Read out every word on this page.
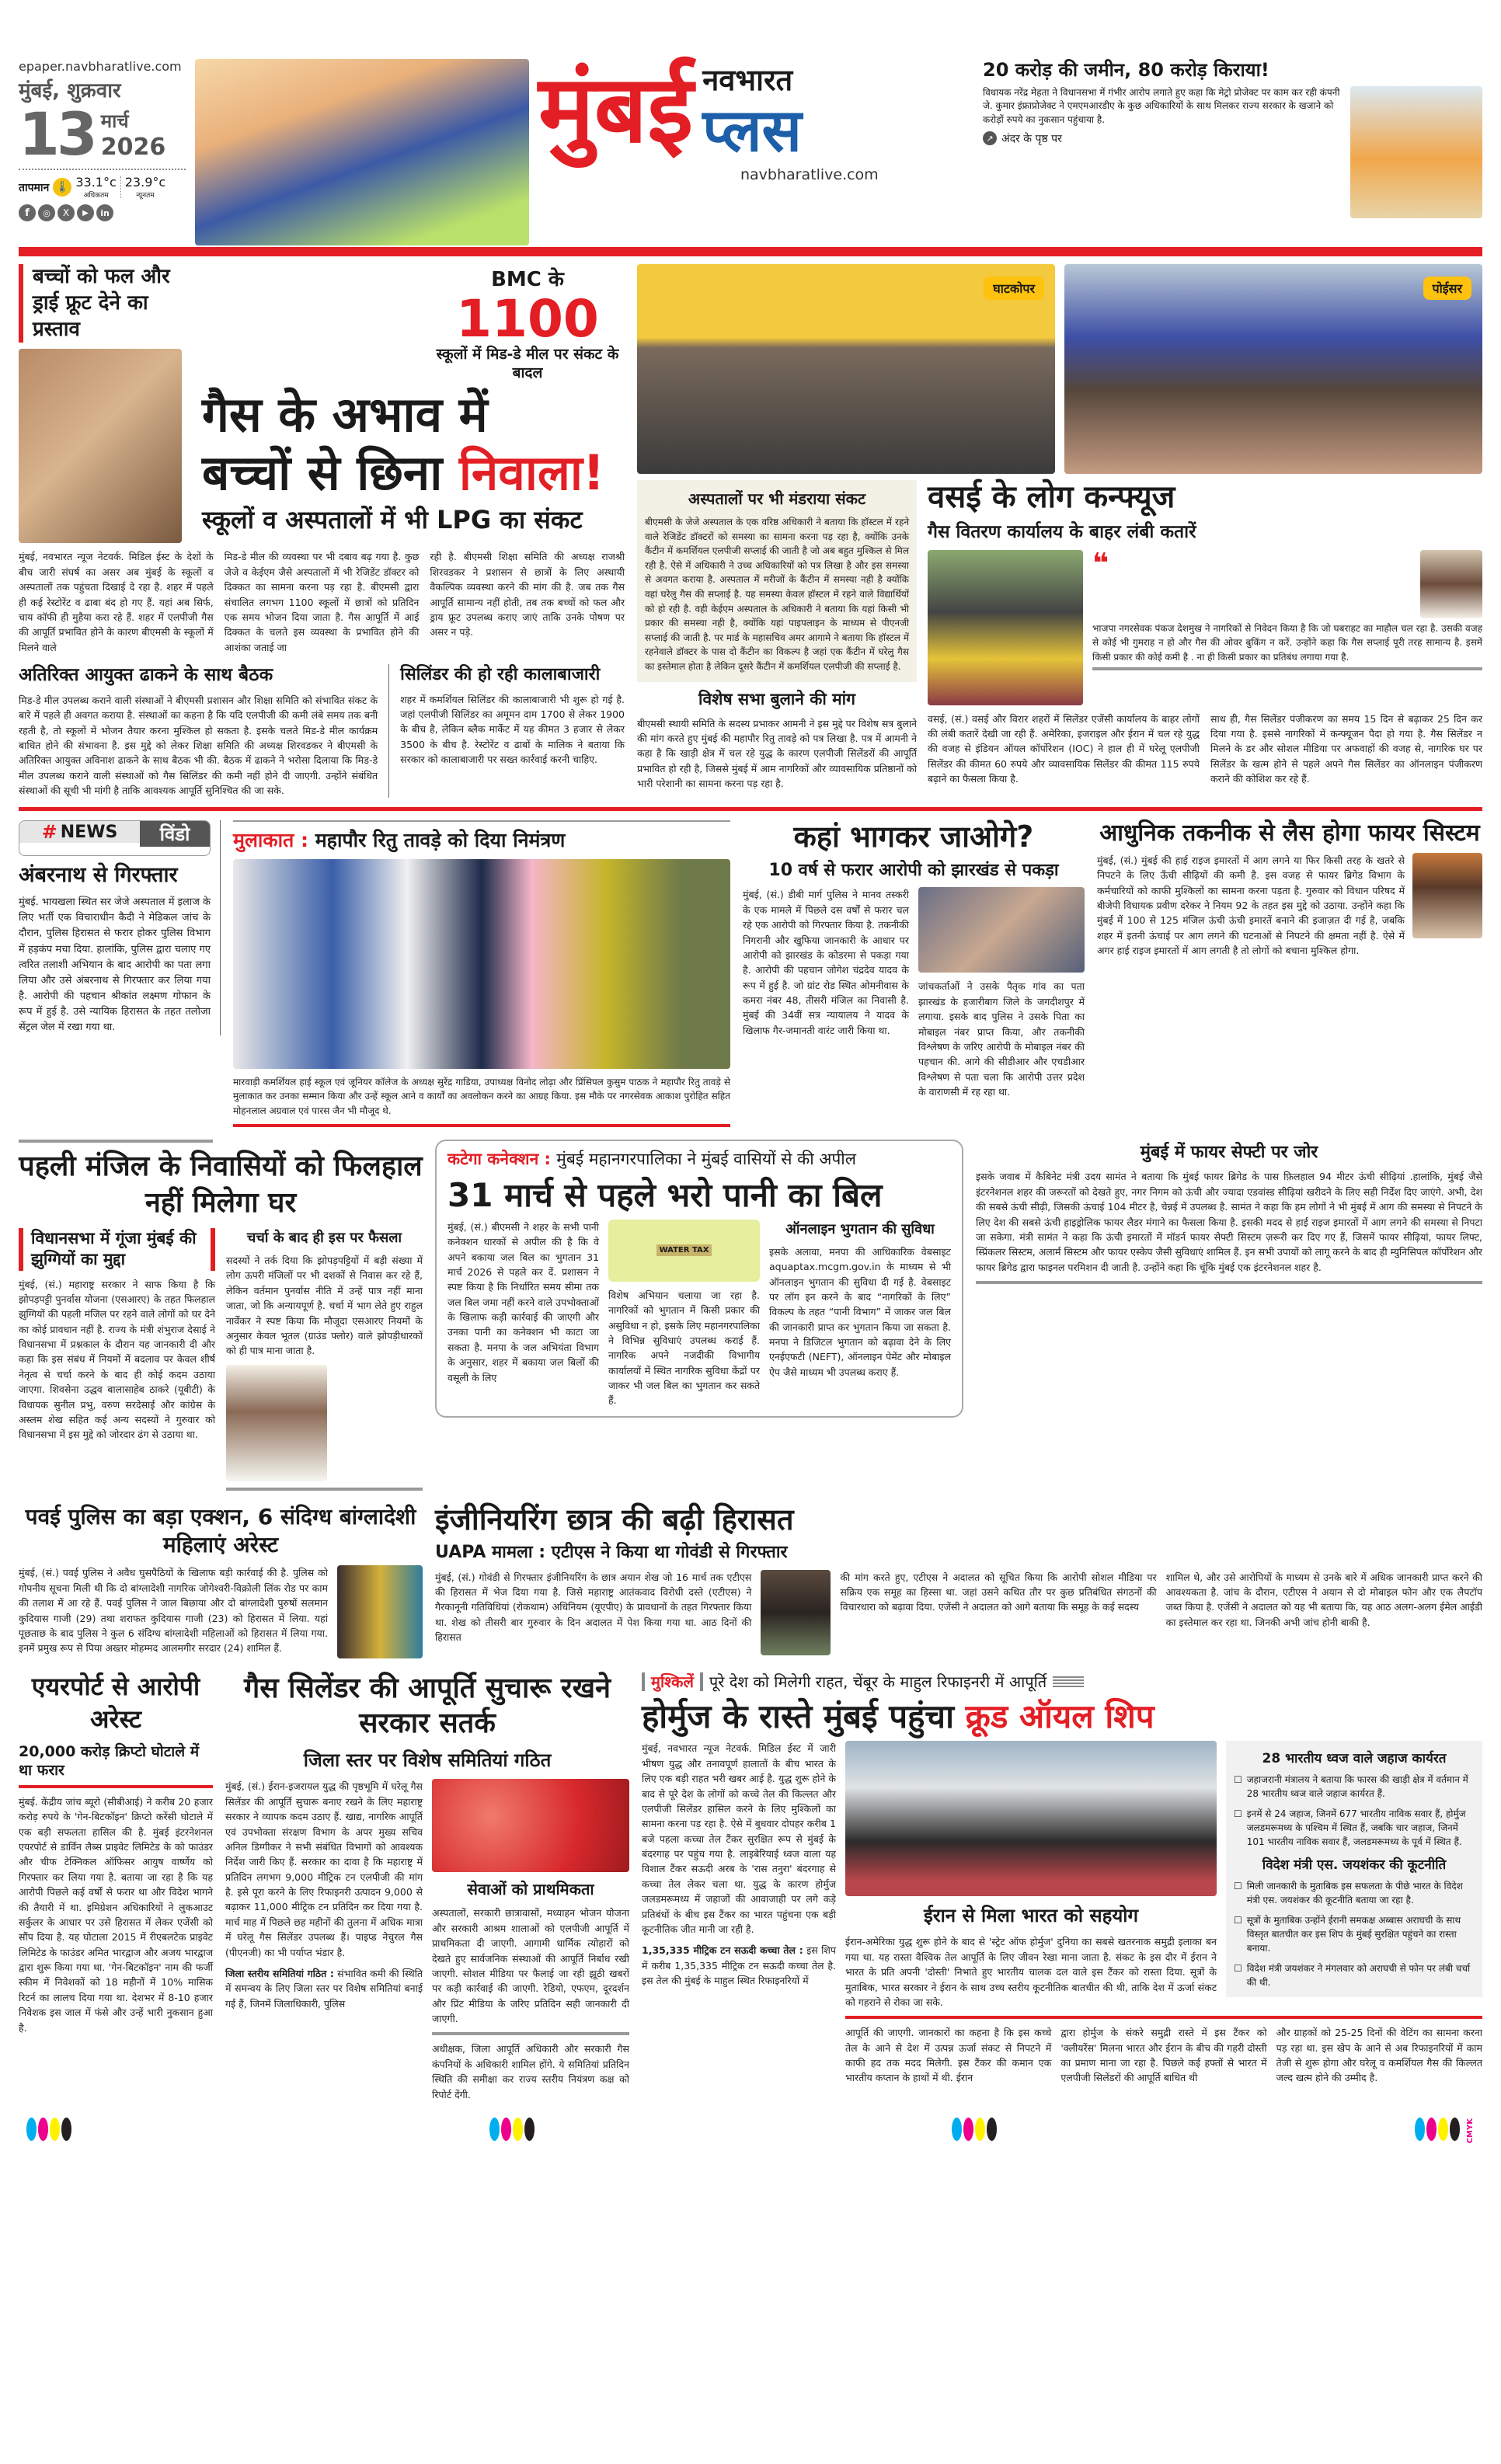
epaper.navbharatlive.com
मुंबई, शुक्रवार
13 मार्च
2026
तापमान 🌡 33.1°c
अधिकतम
23.9°c
न्यूनतम
f	◎	X	▶	in
मुंबई नवभारत
प्लस
navbharatlive.com
20 करोड़ की जमीन, 80 करोड़ किराया!
विधायक नरेंद्र मेहता ने विधानसभा में गंभीर आरोप लगाते हुए कहा कि मेट्रो प्रोजेक्ट पर काम कर रही कंपनी जे. कुमार इंफ्राप्रोजेक्ट ने एमएमआरडीए के कुछ अधिकारियों के साथ मिलकर राज्य सरकार के खजाने को करोड़ों रुपये का नुकसान पहुंचाया है.
↗ अंदर के पृष्ठ पर
बच्चों को फल और ड्राई फ्रूट देने का प्रस्ताव
BMC के
1100
स्कूलों में मिड-डे मील पर संकट के बादल
गैस के अभाव में
बच्चों से छिना निवाला!
स्कूलों व अस्पतालों में भी LPG का संकट
मुंबई, नवभारत न्यूज नेटवर्क. मिडिल ईस्ट के देशों के बीच जारी संघर्ष का असर अब मुंबई के स्कूलों व अस्पतालों तक पहुंचता दिखाई दे रहा है. शहर में पहले ही कई रेस्टोरेंट व ढाबा बंद हो गए हैं. यहां अब सिर्फ, चाय कॉफी ही मुहैया करा रहे हैं. शहर में एलपीजी गैस की आपूर्ति प्रभावित होने के कारण बीएमसी के स्कूलों में मिलने वाले
मिड-डे मील की व्यवस्था पर भी दबाव बढ़ गया है. कुछ जेजे व केईएम जैसे अस्पतालों में भी रेजिडेंट डॉक्टर को दिक्कत का सामना करना पड़ रहा है. बीएमसी द्वारा संचालित लगभग 1100 स्कूलों में छात्रों को प्रतिदिन एक समय भोजन दिया जाता है. गैस आपूर्ति में आई दिक्कत के चलते इस व्यवस्था के प्रभावित होने की आशंका जताई जा
रही है. बीएमसी शिक्षा समिति की अध्यक्ष राजश्री शिरवडकर ने प्रशासन से छात्रों के लिए अस्थायी वैकल्पिक व्यवस्था करने की मांग की है. जब तक गैस आपूर्ति सामान्य नहीं होती, तब तक बच्चों को फल और ड्राय फ्रूट उपलब्ध कराए जाएं ताकि उनके पोषण पर असर न पड़े.
अतिरिक्त आयुक्त ढाकने के साथ बैठक
मिड-डे मील उपलब्ध कराने वाली संस्थाओं ने बीएमसी प्रशासन और शिक्षा समिति को संभावित संकट के बारे में पहले ही अवगत कराया है. संस्थाओं का कहना है कि यदि एलपीजी की कमी लंबे समय तक बनी रहती है, तो स्कूलों में भोजन तैयार करना मुश्किल हो सकता है. इसके चलते मिड-डे मील कार्यक्रम बाधित होने की संभावना है. इस मुद्दे को लेकर शिक्षा समिति की अध्यक्ष शिरवडकर ने बीएमसी के अतिरिक्त आयुक्त अविनाश ढाकने के साथ बैठक भी की. बैठक में ढाकने ने भरोसा दिलाया कि मिड-डे मील उपलब्ध कराने वाली संस्थाओं को गैस सिलिंडर की कमी नहीं होने दी जाएगी. उन्होंने संबंधित संस्थाओं की सूची भी मांगी है ताकि आवश्यक आपूर्ति सुनिश्चित की जा सके.
सिलिंडर की हो रही कालाबाजारी
शहर में कमर्शियल सिलिंडर की कालाबाजारी भी शुरू हो गई है. जहां एलपीजी सिलिंडर का अमूमन दाम 1700 से लेकर 1900 के बीच है, लेकिन ब्लैक मार्केट में यह कीमत 3 हजार से लेकर 3500 के बीच है. रेस्टोरेंट व ढाबों के मालिक ने बताया कि सरकार को कालाबाजारी पर सख्त कार्रवाई करनी चाहिए.
घाटकोपर	पोईसर
अस्पतालों पर भी मंडराया संकट
बीएमसी के जेजे अस्पताल के एक वरिष्ठ अधिकारी ने बताया कि हॉस्टल में रहने वाले रेजिडेंट डॉक्टरों को समस्या का सामना करना पड़ रहा है, क्योंकि उनके कैंटीन में कमर्शियल एलपीजी सप्लाई की जाती है जो अब बहुत मुश्किल से मिल रही है. ऐसे में अधिकारी ने उच्च अधिकारियों को पत्र लिखा है और इस समस्या से अवगत कराया है. अस्पताल में मरीजों के कैंटीन में समस्या नही है क्योंकि वहां घरेलु गैस की सप्लाई है. यह समस्या केवल हॉस्टल में रहने वाले विद्यार्थियों को हो रही है. वही केईएम अस्पताल के अधिकारी ने बताया कि यहां किसी भी प्रकार की समस्या नही है, क्योंकि यहां पाइपलाइन के माध्यम से पीएनजी सप्लाई की जाती है. पर मार्ड के महासचिव अमर आगामे ने बताया कि हॉस्टल में रहनेवाले डॉक्टर के पास दो कैंटीन का विकल्प है जहां एक कैंटीन में घरेलु गैस का इस्तेमाल होता है लेकिन दूसरे कैंटीन में कमर्शियल एलपीजी की सप्लाई है.
विशेष सभा बुलाने की मांग
बीएमसी स्थायी समिति के सदस्य प्रभाकर आमनी ने इस मुद्दे पर विशेष सत्र बुलाने की मांग करते हुए मुंबई की महापौर रितु तावड़े को पत्र लिखा है. पत्र में आमनी ने कहा है कि खाड़ी क्षेत्र में चल रहे युद्ध के कारण एलपीजी सिलेंडरों की आपूर्ति प्रभावित हो रही है, जिससे मुंबई में आम नागरिकों और व्यावसायिक प्रतिष्ठानों को भारी परेशानी का सामना करना पड़ रहा है.
वसई के लोग कन्फ्यूज
गैस वितरण कार्यालय के बाहर लंबी कतारें
❝
भाजपा नगरसेवक पंकज देशमुख ने नागरिकों से निवेदन किया है कि जो घबराहट का माहौल चल रहा है. उसकी वजह से कोई भी गुमराह न हो और गैस की ओवर बुकिंग न करें. उन्होंने कहा कि गैस सप्लाई पूरी तरह सामान्य है. इसमें किसी प्रकार की कोई कमी है . ना ही किसी प्रकार का प्रतिबंध लगाया गया है.
वसई, (सं.) वसई और विरार शहरों में सिलेंडर एजेंसी कार्यालय के बाहर लोगों की लंबी कतारें देखी जा रही हैं. अमेरिका, इजराइल और ईरान में चल रहे युद्ध की वजह से इंडियन ऑयल कॉर्पोरेशन (IOC) ने हाल ही में घरेलू एलपीजी सिलेंडर की कीमत 60 रुपये और व्यावसायिक सिलेंडर की कीमत 115 रुपये बढ़ाने का फैसला किया है.
साथ ही, गैस सिलेंडर पंजीकरण का समय 15 दिन से बढ़ाकर 25 दिन कर दिया गया है. इससे नागरिकों में कन्फ्यूजन पैदा हो गया है. गैस सिलेंडर न मिलने के डर और सोशल मीडिया पर अफवाहों की वजह से, नागरिक घर पर सिलेंडर के खत्म होने से पहले अपने गैस सिलेंडर का ऑनलाइन पंजीकरण कराने की कोशिश कर रहे हैं.
# NEWS	विंडो
अंबरनाथ से गिरफ्तार
मुंबई. भायखला स्थित सर जेजे अस्पताल में इलाज के लिए भर्ती एक विचाराधीन कैदी ने मेडिकल जांच के दौरान, पुलिस हिरासत से फरार होकर पुलिस विभाग में हड़कंप मचा दिया. हालांकि, पुलिस द्वारा चलाए गए त्वरित तलाशी अभियान के बाद आरोपी का पता लगा लिया और उसे अंबरनाथ से गिरफ्तार कर लिया गया है. आरोपी की पहचान श्रीकांत लक्ष्मण गोफान के रूप में हुई है. उसे न्यायिक हिरासत के तहत तलोजा सेंट्रल जेल में रखा गया था.
मुलाकात : महापौर रितु तावड़े को दिया निमंत्रण
मारवाड़ी कमर्शियल हाई स्कूल एवं जूनियर कॉलेज के अध्यक्ष सुरेंद्र गाडिया, उपाध्यक्ष विनोद लोढ़ा और प्रिंसिपल कुसुम पाठक ने महापौर रितु तावड़े से मुलाकात कर उनका सम्मान किया और उन्हें स्कूल आने व कार्यों का अवलोकन करने का आग्रह किया. इस मौके पर नगरसेवक आकाश पुरोहित सहित मोहनलाल अग्रवाल एवं पारस जैन भी मौजूद थे.
कहां भागकर जाओगे?
10 वर्ष से फरार आरोपी को झारखंड से पकड़ा
मुंबई, (सं.) डीबी मार्ग पुलिस ने मानव तस्करी के एक मामले में पिछले दस वर्षों से फरार चल रहे एक आरोपी को गिरफ्तार किया है. तकनीकी निगरानी और खुफिया जानकारी के आधार पर आरोपी को झारखंड के कोडरमा से पकड़ा गया है. आरोपी की पहचान जोगेश चंद्रदेव यादव के रूप में हुई है. जो ग्रांट रोड स्थित ओमनीवास के कमरा नंबर 48, तीसरी मंजिल का निवासी है. मुंबई की 34वीं सत्र न्यायालय ने यादव के खिलाफ गैर-जमानती वारंट जारी किया था.
जांचकर्ताओं ने उसके पैतृक गांव का पता झारखंड के हजारीबाग जिले के जगदीशपुर में लगाया. इसके बाद पुलिस ने उसके पिता का मोबाइल नंबर प्राप्त किया, और तकनीकी विश्लेषण के जरिए आरोपी के मोबाइल नंबर की पहचान की. आगे की सीडीआर और एचडीआर विश्लेषण से पता चला कि आरोपी उत्तर प्रदेश के वाराणसी में रह रहा था.
आधुनिक तकनीक से लैस होगा फायर सिस्टम
मुंबई, (सं.) मुंबई की हाई राइज इमारतों में आग लगने या फिर किसी तरह के खतरे से निपटने के लिए ऊँची सीढ़ियों की कमी है. इस वजह से फायर ब्रिगेड विभाग के कर्मचारियों को काफी मुश्किलों का सामना करना पड़ता है. गुरुवार को विधान परिषद में बीजेपी विधायक प्रवीण दरेकर ने नियम 92 के तहत इस मुद्दे को उठाया. उन्होंने कहा कि मुंबई में 100 से 125 मंजिल ऊंची ऊंची इमारतें बनाने की इजाज़त दी गई है, जबकि शहर में इतनी ऊंचाई पर आग लगने की घटनाओं से निपटने की क्षमता नहीं है. ऐसे में अगर हाई राइज इमारतों में आग लगती है तो लोगों को बचाना मुश्किल होगा.
पहली मंजिल के निवासियों को फिलहाल नहीं मिलेगा घर
विधानसभा में गूंजा मुंबई की झुग्गियों का मुद्दा
मुंबई, (सं.) महाराष्ट्र सरकार ने साफ किया है कि झोपड़पट्टी पुनर्वास योजना (एसआरए) के तहत फिलहाल झुग्गियों की पहली मंजिल पर रहने वाले लोगों को घर देने का कोई प्रावधान नहीं है. राज्य के मंत्री शंभुराज देसाई ने विधानसभा में प्रश्नकाल के दौरान यह जानकारी दी और कहा कि इस संबंध में नियमों में बदलाव पर केवल शीर्ष नेतृत्व से चर्चा करने के बाद ही कोई कदम उठाया जाएगा. शिवसेना उद्धव बालासाहेब ठाकरे (यूबीटी) के विधायक सुनील प्रभु, वरुण सरदेसाई और कांग्रेस के अस्लम शेख सहित कई अन्य सदस्यों ने गुरुवार को विधानसभा में इस मुद्दे को जोरदार ढंग से उठाया था.
चर्चा के बाद ही इस पर फैसला
सदस्यों ने तर्क दिया कि झोपड़पट्टियों में बड़ी संख्या में लोग ऊपरी मंजिलों पर भी दशकों से निवास कर रहे हैं, लेकिन वर्तमान पुनर्वास नीति में उन्हें पात्र नहीं माना जाता, जो कि अन्यायपूर्ण है. चर्चा में भाग लेते हुए राहुल नार्वेकर ने स्पष्ट किया कि मौजूदा एसआरए नियमों के अनुसार केवल भूतल (ग्राउंड फ्लोर) वाले झोपड़ीधारकों को ही पात्र माना जाता है.
कटेगा कनेक्शन : मुंबई महानगरपालिका ने मुंबई वासियों से की अपील
31 मार्च से पहले भरो पानी का बिल
मुंबई, (सं.) बीएमसी ने शहर के सभी पानी कनेक्शन धारकों से अपील की है कि वे अपने बकाया जल बिल का भुगतान 31 मार्च 2026 से पहले कर दें. प्रशासन ने स्पष्ट किया है कि निर्धारित समय सीमा तक जल बिल जमा नहीं करने वाले उपभोक्ताओं के खिलाफ कड़ी कार्रवाई की जाएगी और उनका पानी का कनेक्शन भी काटा जा सकता है. मनपा के जल अभियंता विभाग के अनुसार, शहर में बकाया जल बिलों की वसूली के लिए
WATER TAX
विशेष अभियान चलाया जा रहा है. नागरिकों को भुगतान में किसी प्रकार की असुविधा न हो, इसके लिए महानगरपालिका ने विभिन्न सुविधाएं उपलब्ध कराई हैं. नागरिक अपने नजदीकी विभागीय कार्यालयों में स्थित नागरिक सुविधा केंद्रों पर जाकर भी जल बिल का भुगतान कर सकते हैं.
ऑनलाइन भुगतान की सुविधा
इसके अलावा, मनपा की आधिकारिक वेबसाइट aquaptax.mcgm.gov.in के माध्यम से भी ऑनलाइन भुगतान की सुविधा दी गई है. वेबसाइट पर लॉग इन करने के बाद “नागरिकों के लिए” विकल्प के तहत “पानी विभाग” में जाकर जल बिल की जानकारी प्राप्त कर भुगतान किया जा सकता है. मनपा ने डिजिटल भुगतान को बढ़ावा देने के लिए एनईएफटी (NEFT), ऑनलाइन पेमेंट और मोबाइल ऐप जैसे माध्यम भी उपलब्ध कराए हैं.
मुंबई में फायर सेफ्टी पर जोर
इसके जवाब में कैबिनेट मंत्री उदय सामंत ने बताया कि मुंबई फायर ब्रिगेड के पास फ़िलहाल 94 मीटर ऊंची सीढ़ियां .हालांकि, मुंबई जैसे इंटरनेशनल शहर की जरूरतों को देखते हुए, नगर निगम को ऊंची और ज्यादा एडवांस्ड सीढ़ियां खरीदने के लिए सही निर्देश दिए जाएंगे. अभी, देश की सबसे ऊंची सीढ़ी, जिसकी ऊंचाई 104 मीटर है, चेन्नई में उपलब्ध है. सामंत ने कहा कि हम लोगों ने भी मुंबई में आग की समस्या से निपटने के लिए देश की सबसे ऊंची हाइड्रोलिक फायर लैडर मंगाने का फैसला किया है. इसकी मदद से हाई राइज इमारतों में आग लगने की समस्या से निपटा जा सकेगा. मंत्री सामंत ने कहा कि ऊंची इमारतों में मॉडर्न फायर सेफ्टी सिस्टम ज़रूरी कर दिए गए हैं, जिसमें फायर सीढ़ियां, फायर लिफ्ट, स्प्रिंकलर सिस्टम, अलार्म सिस्टम और फायर एस्केप जैसी सुविधाएं शामिल हैं. इन सभी उपायों को लागू करने के बाद ही म्युनिसिपल कॉर्पोरेशन और फायर ब्रिगेड द्वारा फाइनल परमिशन दी जाती है. उन्होंने कहा कि चूंकि मुंबई एक इंटरनेशनल शहर है.
पवई पुलिस का बड़ा एक्शन, 6 संदिग्ध बांग्लादेशी महिलाएं अरेस्ट
मुंबई, (सं.) पवई पुलिस ने अवैध घुसपैठियों के खिलाफ बड़ी कार्रवाई की है. पुलिस को गोपनीय सूचना मिली थी कि दो बांग्लादेशी नागरिक जोगेश्वरी-विक्रोली लिंक रोड पर काम की तलाश में आ रहे हैं. पवई पुलिस ने जाल बिछाया और दो बांग्लादेशी पुरुषों सलमान कुदियास गाजी (29) तथा शराफत कुदियास गाजी (23) को हिरासत में लिया. यहां पूछताछ के बाद पुलिस ने कुल 6 संदिग्ध बांग्लादेशी महिलाओं को हिरासत में लिया गया. इनमें प्रमुख रूप से पिया अख्तर मोहम्मद आलमगीर सरदार (24) शामिल हैं.
इंजीनियरिंग छात्र की बढ़ी हिरासत
UAPA मामला : एटीएस ने किया था गोवंडी से गिरफ्तार
मुंबई, (सं.) गोवंडी से गिरफ्तार इंजीनियरिंग के छात्र अयान शेख जो 16 मार्च तक एटीएस की हिरासत में भेज दिया गया है. जिसे महाराष्ट्र आतंकवाद विरोधी दस्ते (एटीएस) ने गैरकानूनी गतिविधियां (रोकथाम) अधिनियम (यूएपीए) के प्रावधानों के तहत गिरफ्तार किया था. शेख को तीसरी बार गुरुवार के दिन अदालत में पेश किया गया था. आठ दिनों की हिरासत
की मांग करते हुए, एटीएस ने अदालत को सूचित किया कि आरोपी सोशल मीडिया पर सक्रिय एक समूह का हिस्सा था. जहां उसने कथित तौर पर कुछ प्रतिबंधित संगठनों की विचारधारा को बढ़ावा दिया. एजेंसी ने अदालत को आगे बताया कि समूह के कई सदस्य
शामिल थे, और उसे आरोपियों के माध्यम से उनके बारे में अधिक जानकारी प्राप्त करने की आवश्यकता है. जांच के दौरान, एटीएस ने अयान से दो मोबाइल फोन और एक लैपटॉप जब्त किया है. एजेंसी ने अदालत को यह भी बताया कि, यह आठ अलग-अलग ईमेल आईडी का इस्तेमाल कर रहा था. जिनकी अभी जांच होनी बाकी है.
एयरपोर्ट से आरोपी अरेस्ट
20,000 करोड़ क्रिप्टो घोटाले में था फरार
मुंबई. केंद्रीय जांच ब्यूरो (सीबीआई) ने करीब 20 हजार करोड़ रुपये के 'गेन-बिटकॉइन' क्रिप्टो करेंसी घोटाले में एक बड़ी सफलता हासिल की है. मुंबई इंटरनेशनल एयरपोर्ट से डार्विन लैब्स प्राइवेट लिमिटेड के को फाउंडर और चीफ टेक्निकल ऑफिसर आयुष वार्ष्णेय को गिरफ्तार कर लिया गया है. बताया जा रहा है कि यह आरोपी पिछले कई वर्षों से फरार था और विदेश भागने की तैयारी में था. इमिग्रेशन अधिकारियों ने लुकआउट सर्कुलर के आधार पर उसे हिरासत में लेकर एजेंसी को सौंप दिया है. यह घोटाला 2015 में रीएबलटेक प्राइवेट लिमिटेड के फाउंडर अमित भारद्वाज और अजय भारद्वाज द्वारा शुरू किया गया था. 'गेन-बिटकॉइन' नाम की फर्जी स्कीम में निवेशकों को 18 महीनों में 10% मासिक रिटर्न का लालच दिया गया था. देशभर में 8-10 हजार निवेशक इस जाल में फंसे और उन्हें भारी नुकसान हुआ है.
गैस सिलेंडर की आपूर्ति सुचारू रखने सरकार सतर्क
जिला स्तर पर विशेष समितियां गठित
मुंबई, (सं.) ईरान-इजरायल युद्ध की पृष्ठभूमि में घरेलू गैस सिलेंडर की आपूर्ति सुचारू बनाए रखने के लिए महाराष्ट्र सरकार ने व्यापक कदम उठाए हैं. खाद्य, नागरिक आपूर्ति एवं उपभोक्ता संरक्षण विभाग के अपर मुख्य सचिव अनिल डिग्गीकर ने सभी संबंधित विभागों को आवश्यक निर्देश जारी किए हैं. सरकार का दावा है कि महाराष्ट्र में प्रतिदिन लगभग 9,000 मीट्रिक टन एलपीजी की मांग है. इसे पूरा करने के लिए रिफाइनरी उत्पादन 9,000 से बढ़ाकर 11,000 मीट्रिक टन प्रतिदिन कर दिया गया है. मार्च माह में पिछले छह महीनों की तुलना में अधिक मात्रा में घरेलू गैस सिलेंडर उपलब्ध हैं। पाइप्ड नेचुरल गैस (पीएनजी) का भी पर्याप्त भंडार है.
जिला स्तरीय समितियां गठित : संभावित कमी की स्थिति में समन्वय के लिए जिला स्तर पर विशेष समितियां बनाई गई हैं, जिनमें जिलाधिकारी, पुलिस
सेवाओं को प्राथमिकता
अस्पतालों, सरकारी छात्रावासों, मध्याहन भोजन योजना और सरकारी आश्रम शालाओं को एलपीजी आपूर्ति में प्राथमिकता दी जाएगी. आगामी धार्मिक त्योहारों को देखते हुए सार्वजनिक संस्थाओं की आपूर्ति निर्बाध रखी जाएगी. सोशल मीडिया पर फैलाई जा रही झूठी खबरों पर कड़ी कार्रवाई की जाएगी. रेडियो, एफएम, दूरदर्शन और प्रिंट मीडिया के जरिए प्रतिदिन सही जानकारी दी जाएगी.
अधीक्षक, जिला आपूर्ति अधिकारी और सरकारी गैस कंपनियों के अधिकारी शामिल होंगे. ये समितियां प्रतिदिन स्थिति की समीक्षा कर राज्य स्तरीय नियंत्रण कक्ष को रिपोर्ट देंगी.
मुश्किलें पूरे देश को मिलेगी राहत, चेंबूर के माहुल रिफाइनरी में आपूर्ति
होर्मुज के रास्ते मुंबई पहुंचा क्रूड ऑयल शिप
मुंबई, नवभारत न्यूज नेटवर्क. मिडिल ईस्ट में जारी भीषण युद्ध और तनावपूर्ण हालातों के बीच भारत के लिए एक बड़ी राहत भरी खबर आई है. युद्ध शुरू होने के बाद से पूरे देश के लोगों को कच्चे तेल की किल्लत और एलपीजी सिलेंडर हासिल करने के लिए मुश्किलों का सामना करना पड़ रहा है. ऐसे में बुधवार दोपहर करीब 1 बजे पहला कच्चा तेल टैंकर सुरक्षित रूप से मुंबई के बंदरगाह पर पहुंच गया है. लाइबेरियाई ध्वज वाला यह विशाल टैंकर सऊदी अरब के 'रास तनुरा' बंदरगाह से कच्चा तेल लेकर चला था. युद्ध के कारण होर्मुज जलडमरूमध्य में जहाजों की आवाजाही पर लगे कड़े प्रतिबंधों के बीच इस टैंकर का भारत पहुंचना एक बड़ी कूटनीतिक जीत मानी जा रही है.
1,35,335 मीट्रिक टन सऊदी कच्चा तेल : इस शिप में करीब 1,35,335 मीट्रिक टन सऊदी कच्चा तेल है. इस तेल की मुंबई के माहुल स्थित रिफाइनरियों में
ईरान से मिला भारत को सहयोग
ईरान-अमेरिका युद्ध शुरू होने के बाद से 'स्ट्रेट ऑफ होर्मुज' दुनिया का सबसे खतरनाक समुद्री इलाका बन गया था. यह रास्ता वैश्विक तेल आपूर्ति के लिए जीवन रेखा माना जाता है. संकट के इस दौर में ईरान ने भारत के प्रति अपनी 'दोस्ती' निभाते हुए भारतीय चालक दल वाले इस टैंकर को रास्ता दिया. सूत्रों के मुताबिक, भारत सरकार ने ईरान के साथ उच्च स्तरीय कूटनीतिक बातचीत की थी, ताकि देश में ऊर्जा संकट को गहराने से रोका जा सके.
28 भारतीय ध्वज वाले जहाज कार्यरत
☐ जहाजरानी मंत्रालय ने बताया कि फारस की खाड़ी क्षेत्र में वर्तमान में 28 भारतीय ध्वज वाले जहाज कार्यरत हैं.
☐ इनमें से 24 जहाज, जिनमें 677 भारतीय नाविक सवार हैं, होर्मुज जलडमरूमध्य के पश्चिम में स्थित हैं, जबकि चार जहाज, जिनमें 101 भारतीय नाविक सवार हैं, जलडमरूमध्य के पूर्व में स्थित हैं.
विदेश मंत्री एस. जयशंकर की कूटनीति
☐ मिली जानकारी के मुताबिक इस सफलता के पीछे भारत के विदेश मंत्री एस. जयशंकर की कूटनीति बताया जा रहा है.
☐ सूत्रों के मुताबिक उन्होंने ईरानी समकक्ष अब्बास अराघची के साथ विस्तृत बातचीत कर इस शिप के मुंबई सुरक्षित पहुंचने का रास्ता बनाया.
☐ विदेश मंत्री जयशंकर ने मंगलवार को अराघची से फोन पर लंबी चर्चा की थी.
आपूर्ति की जाएगी. जानकारों का कहना है कि इस कच्चे तेल के आने से देश में उत्पन्न ऊर्जा संकट से निपटने में काफी हद तक मदद मिलेगी. इस टैंकर की कमान एक भारतीय कप्तान के हाथों में थी. ईरान
द्वारा होर्मुज के संकरे समुद्री रास्ते में इस टैंकर को 'क्लीयरेंस' मिलना भारत और ईरान के बीच की गहरी दोस्ती का प्रमाण माना जा रहा है. पिछले कई हफ्तों से भारत में एलपीजी सिलेंडरों की आपूर्ति बाधित थी
और ग्राहकों को 25-25 दिनों की वेटिंग का सामना करना पड़ रहा था. इस खेप के आने से अब रिफाइनरियों में काम तेजी से शुरू होगा और घरेलू व कमर्शियल गैस की किल्लत जल्द खत्म होने की उम्मीद है.
CMYK
